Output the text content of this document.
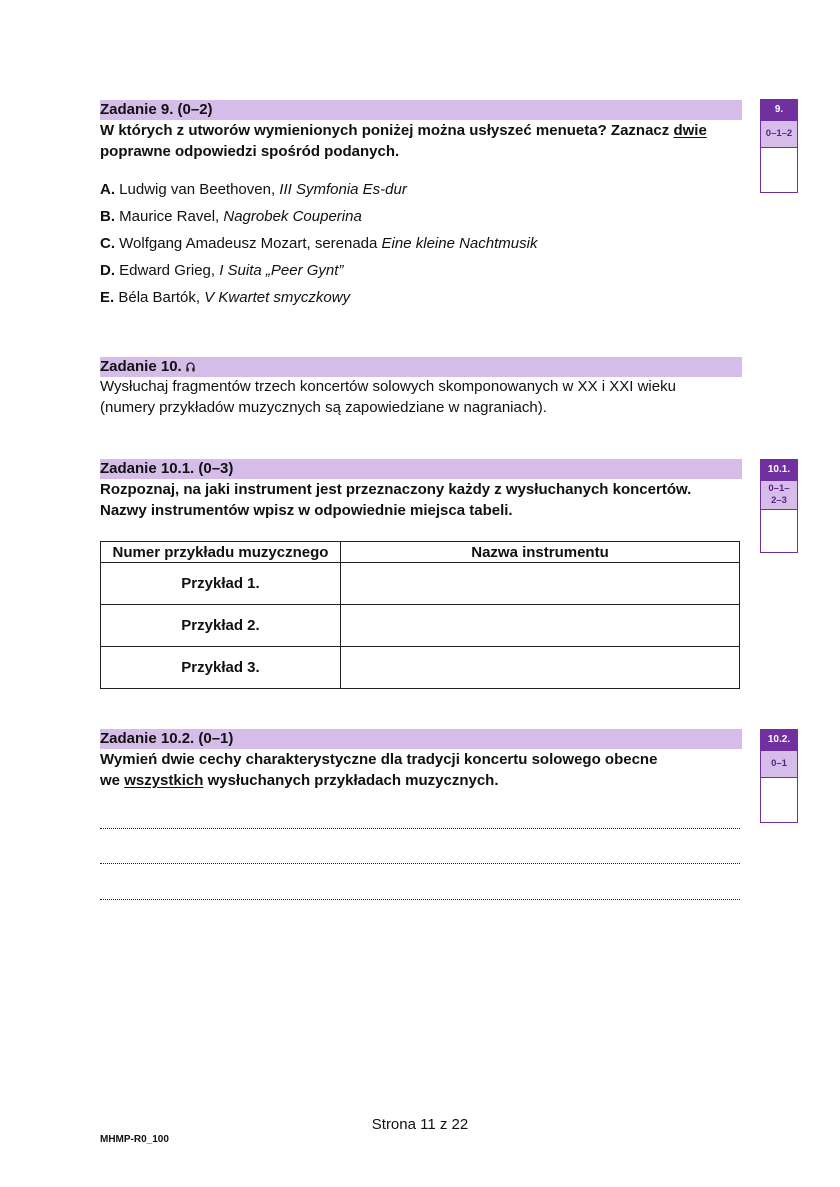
Zadanie 9. (0–2)
W których z utworów wymienionych poniżej można usłyszeć menueta? Zaznacz dwie
poprawne odpowiedzi spośród podanych.
A. Ludwig van Beethoven, III Symfonia Es-dur
B. Maurice Ravel, Nagrobek Couperina
C. Wolfgang Amadeusz Mozart, serenada Eine kleine Nachtmusik
D. Edward Grieg, I Suita „Peer Gynt”
E. Béla Bartók, V Kwartet smyczkowy
9.
0–1–2
Zadanie 10.
Wysłuchaj fragmentów trzech koncertów solowych skomponowanych w XX i XXI wieku
(numery przykładów muzycznych są zapowiedziane w nagraniach).
Zadanie 10.1. (0–3)
Rozpoznaj, na jaki instrument jest przeznaczony każdy z wysłuchanych koncertów.
Nazwy instrumentów wpisz w odpowiednie miejsca tabeli.
Numer przykładu muzycznego	Nazwa instrumentu
Przykład 1.	
Przykład 2.	
Przykład 3.	
10.1.
0–1–
2–3
Zadanie 10.2. (0–1)
Wymień dwie cechy charakterystyczne dla tradycji koncertu solowego obecne
we wszystkich wysłuchanych przykładach muzycznych.
10.2.
0–1
Strona 11 z 22
MHMP-R0_100
